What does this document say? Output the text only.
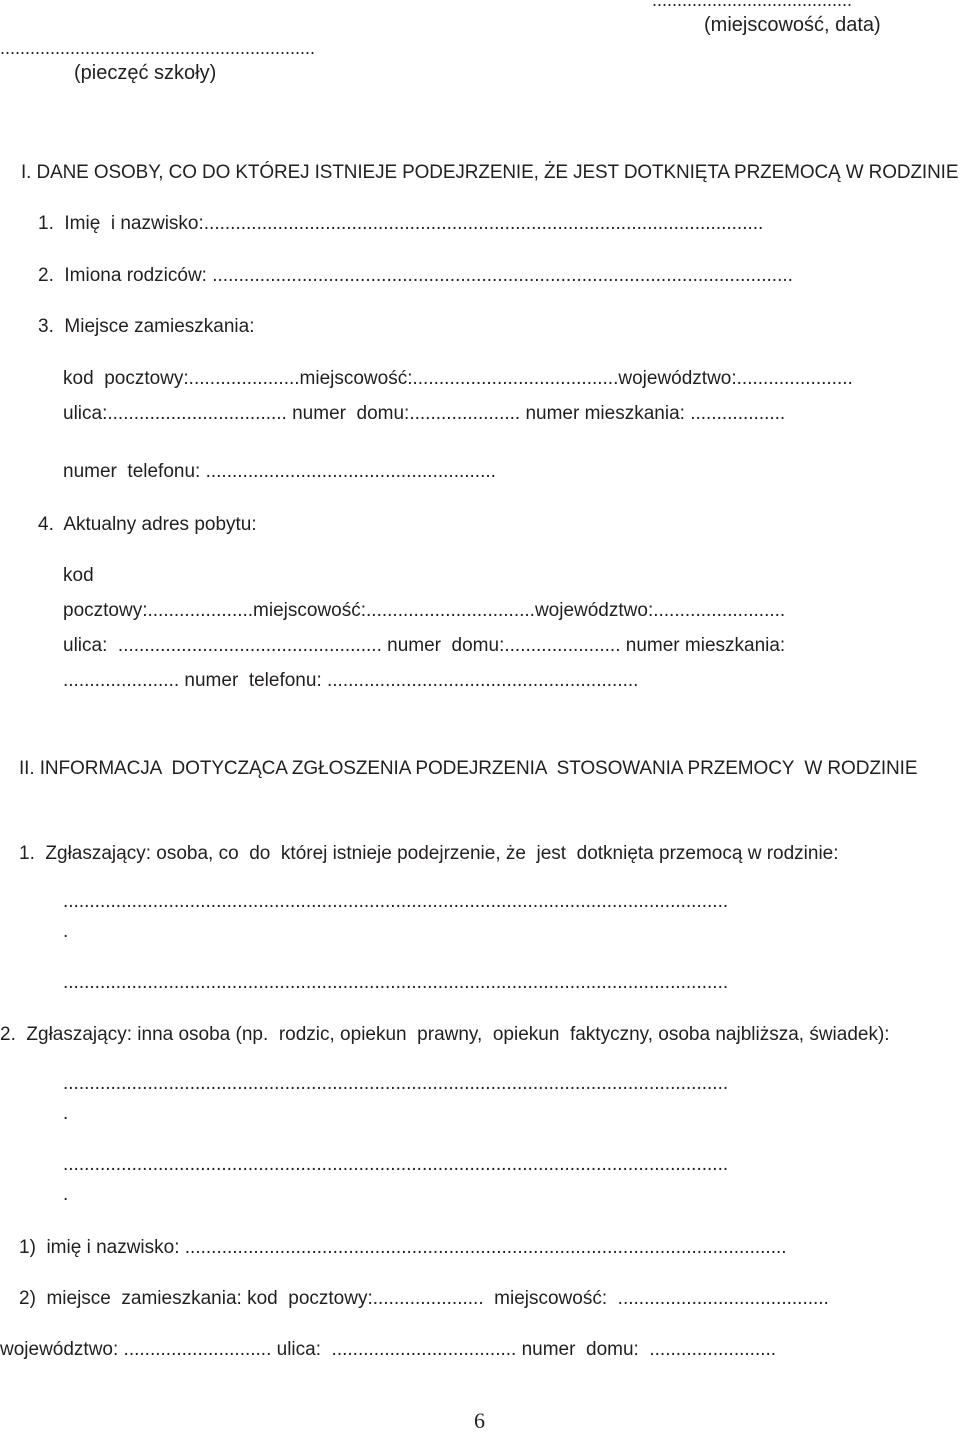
........................................
(miejscowość, data)
...............................................................
(pieczęć szkoły)
I. DANE OSOBY, CO DO KTÓREJ ISTNIEJE PODEJRZENIE, ŻE JEST DOTKNIĘTA PRZEMOCĄ W RODZINIE
1.  Imię  i nazwisko:..........................................................................................................
2.  Imiona rodziców: ..............................................................................................................
3.  Miejsce zamieszkania:
kod  pocztowy:.....................miejscowość:.......................................województwo:......................
ulica:.................................. numer  domu:..................... numer mieszkania: ..................
numer  telefonu: .......................................................
4.  Aktualny adres pobytu:
kod
pocztowy:....................miejscowość:................................województwo:.........................
ulica:  .................................................. numer  domu:...................... numer mieszkania:
...................... numer  telefonu: ...........................................................
II. INFORMACJA  DOTYCZĄCA ZGŁOSZENIA PODEJRZENIA  STOSOWANIA PRZEMOCY  W RODZINIE
1.  Zgłaszający: osoba, co  do  której istnieje podejrzenie, że  jest  dotknięta przemocą w rodzinie:
..............................................................................................................................
.
..............................................................................................................................
2.  Zgłaszający: inna osoba (np.  rodzic, opiekun  prawny,  opiekun  faktyczny, osoba najbliższa, świadek):
..............................................................................................................................
.
..............................................................................................................................
.
1)  imię i nazwisko: ..................................................................................................................
2)  miejsce  zamieszkania: kod  pocztowy:.....................  miejscowość:  ........................................
województwo: ............................ ulica:  ................................... numer  domu:  ........................
6
